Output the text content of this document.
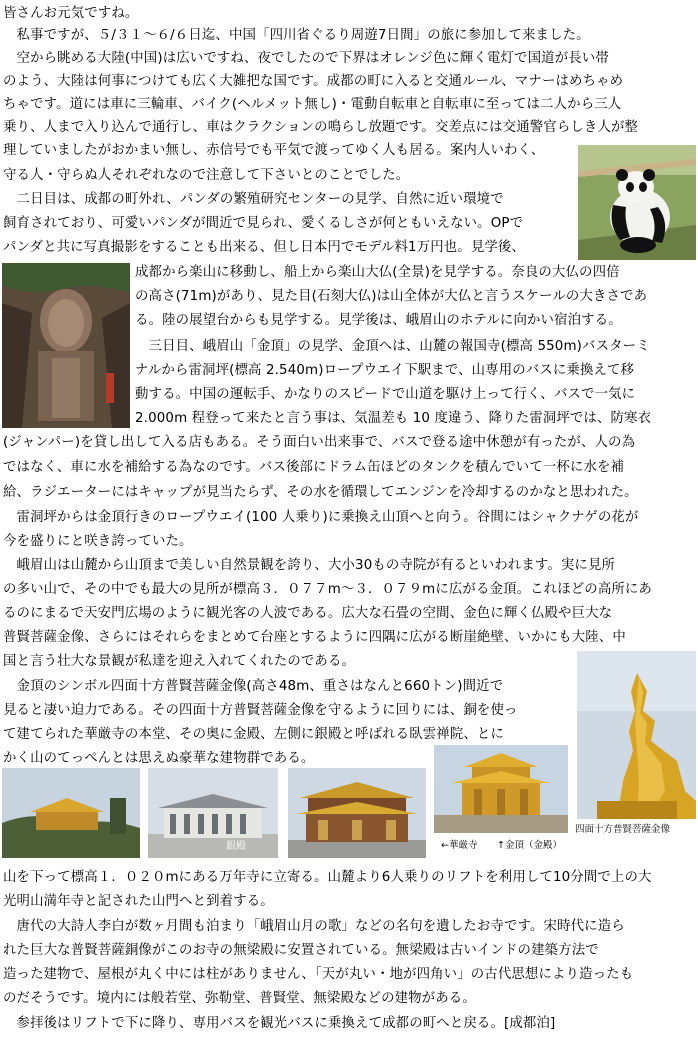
皆さんお元気ですね。
　私事ですが、５/３１～６/６日迄、中国「四川省ぐるり周遊7日間」の旅に参加して来ました。
　空から眺める大陸(中国)は広いですね、夜でしたので下界はオレンジ色に輝く電灯で国道が長い帯
のよう、大陸は何事につけても広く大雑把な国です。成都の町に入ると交通ルール、マナーはめちゃめ
ちゃです。道には車に三輪車、バイク(ヘルメット無し)・電動自転車と自転車に至っては二人から三人
乗り、人まで入り込んで通行し、車はクラクションの鳴らし放題です。交差点には交通警官らしき人が整
理していましたがおかまい無し、赤信号でも平気で渡ってゆく人も居る。案内人いわく、
守る人・守らぬ人それぞれなので注意して下さいとのことでした。
　二日目は、成都の町外れ、パンダの繁殖研究センターの見学、自然に近い環境で
飼育されており、可愛いパンダが間近で見られ、愛くるしさが何ともいえない。OPで
パンダと共に写真撮影をすることも出来る、但し日本円でモデル料1万円也。見学後、
成都から楽山に移動し、船上から楽山大仏(全景)を見学する。奈良の大仏の四倍
の高さ(71m)があり、見た目(石刻大仏)は山全体が大仏と言うスケールの大きさであ
る。陸の展望台からも見学する。見学後は、峨眉山のホテルに向かい宿泊する。
　三日目、峨眉山「金頂」の見学、金頂へは、山麓の報国寺(標高 550m)バスターミ
ナルから雷洞坪(標高 2.540m)ロープウエイ下駅まで、山専用のバスに乗換えて移
動する。中国の運転手、かなりのスピードで山道を駆け上って行く、バスで一気に
2.000m 程登って来たと言う事は、気温差も 10 度違う、降りた雷洞坪では、防寒衣
(ジャンパー)を貸し出して入る店もある。そう面白い出来事で、バスで登る途中休憩が有ったが、人の為
ではなく、車に水を補給する為なのです。バス後部にドラム缶ほどのタンクを積んでいて一杯に水を補
給、ラジエーターにはキャップが見当たらず、その水を循環してエンジンを冷却するのかなと思われた。
　雷洞坪からは金頂行きのロープウエイ(100 人乗り)に乗換え山頂へと向う。谷間にはシャクナゲの花が
今を盛りにと咲き誇っていた。
　峨眉山は山麓から山頂まで美しい自然景観を誇り、大小30もの寺院が有るといわれます。実に見所
の多い山で、その中でも最大の見所が標高３．０７７m～３．０７９mに広がる金頂。これほどの高所にあ
るのにまるで天安門広場のように観光客の人波である。広大な石畳の空間、金色に輝く仏殿や巨大な
普賢菩薩金像、さらにはそれらをまとめて台座とするように四隅に広がる断崖絶壁、いかにも大陸、中
国と言う壮大な景観が私達を迎え入れてくれたのである。
　金頂のシンボル四面十方普賢菩薩金像(高さ48m、重さはなんと660トン)間近で
見ると凄い迫力である。その四面十方普賢菩薩金像を守るように回りには、銅を使っ
て建てられた華厳寺の本堂、その奥に金殿、左側に銀殿と呼ばれる臥雲禅院、とに
かく山のてっぺんとは思えぬ豪華な建物群である。
山を下って標高１．０２０mにある万年寺に立寄る。山麓より6人乗りのリフトを利用して10分間で上の大
光明山満年寺と記された山門へと到着する。
　唐代の大詩人李白が数ヶ月間も泊まり「峨眉山月の歌」などの名句を遺したお寺です。宋時代に造ら
れた巨大な普賢菩薩銅像がこのお寺の無梁殿に安置されている。無梁殿は古いインドの建築方法で
造った建物で、屋根が丸く中には柱がありません、「天が丸い・地が四角い」の古代思想により造ったも
のだそうです。境内には般若堂、弥勒堂、普賢堂、無梁殿などの建物がある。
　参拝後はリフトで下に降り、専用バスを観光バスに乗換えて成都の町へと戻る。[成都泊]
銀殿	←華厳寺 ↑金頂（金殿）
四面十方普賢菩薩金像
